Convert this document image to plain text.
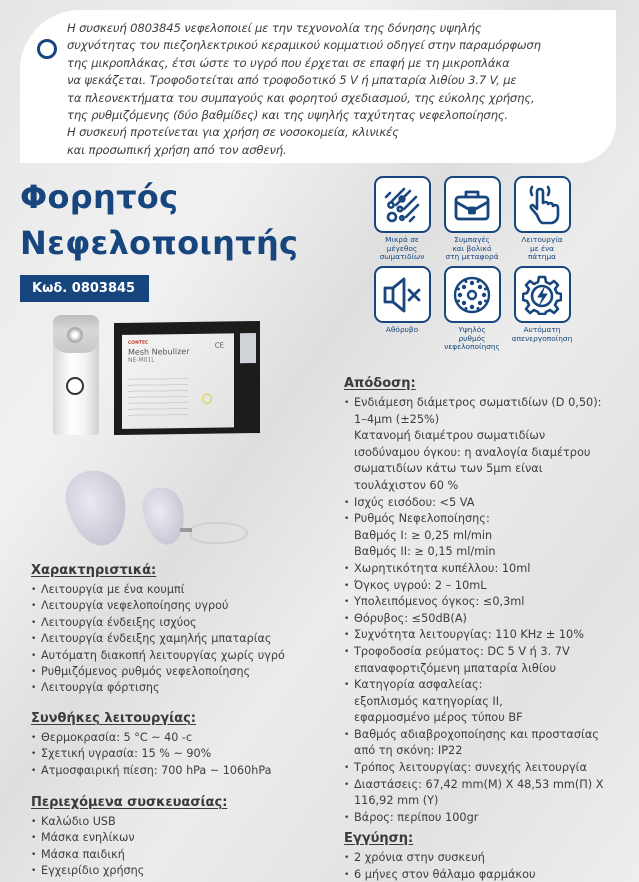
Η συσκευή 0803845 νεφελοποιεί με την τεχνονολία της δόνησης υψηλής
συχνότητας του πιεζοηλεκτρικού κεραμικού κομματιού οδηγεί στην παραμόρφωση
της μικροπλάκας, έτσι ώστε το υγρό που έρχεται σε επαφή με τη μικροπλάκα
να ψεκάζεται. Τροφοδοτείται από τροφοδοτικό 5 V ή μπαταρία λιθίου 3.7 V, με
τα πλεονεκτήματα του συμπαγούς και φορητού σχεδιασμού, της εύκολης χρήσης,
της ρυθμιζόμενης (δύο βαθμίδες) και της υψηλής ταχύτητας νεφελοποίησης.
Η συσκευή προτείνεται για χρήση σε νοσοκομεία, κλινικές
και προσωπική χρήση από τον ασθενή.
Φορητός
Νεφελοποιητής
Κωδ. 0803845
CONTEC
Mesh Nebulizer
NE-M01L
CE
Μικρά σε
μέγεθος
σωματιδίων
Συμπαγές
και βολικό
στη μεταφορά
Λειτουργία
με ένα
πάτημα
Αθόρυβο	Υψηλός
ρυθμός
νεφελοποίησης
Αυτόματη
απενεργοποίηση
Χαρακτηριστικά:
• Λειτουργία με ένα κουμπί
• Λειτουργία νεφελοποίησης υγρού
• Λειτουργία ένδειξης ισχύος
• Λειτουργία ένδειξης χαμηλής μπαταρίας
• Αυτόματη διακοπή λειτουργίας χωρίς υγρό
• Ρυθμιζόμενος ρυθμός νεφελοποίησης
• Λειτουργία φόρτισης
Συνθήκες λειτουργίας:
• Θερμοκρασία: 5 °C ~ 40 -c
• Σχετική υγρασία: 15 % ~ 90%
• Ατμοσφαιρική πίεση: 700 hPa ~ 1060hPa
Περιεχόμενα συσκευασίας:
• Καλώδιο USB
• Μάσκα ενηλίκων
• Μάσκα παιδική
• Εγχειρίδιο χρήσης
Απόδοση:
• Ενδιάμεση διάμετρος σωματιδίων (D 0,50):
1–4μm (±25%)
Κατανομή διαμέτρου σωματιδίων
ισοδύναμου όγκου: η αναλογία διαμέτρου
σωματιδίων κάτω των 5μm είναι
τουλάχιστον 60 %
• Ισχύς εισόδου: <5 VA
• Ρυθμός Νεφελοποίησης:
Βαθμός Ι: ≥ 0,25 ml/min
Βαθμός ΙΙ: ≥ 0,15 ml/min
• Χωρητικότητα κυπέλλου: 10ml
• Όγκος υγρού: 2 – 10mL
• Υπολειπόμενος όγκος: ≤0,3ml
• Θόρυβος: ≤50dB(A)
• Συχνότητα λειτουργίας: 110 KHz ± 10%
• Τροφοδοσία ρεύματος: DC 5 V ή 3. 7V
επαναφορτιζόμενη μπαταρία λιθίου
• Κατηγορία ασφαλείας:
εξοπλισμός κατηγορίας II,
εφαρμοσμένο μέρος τύπου BF
• Βαθμός αδιαβροχοποίησης και προστασίας
από τη σκόνη: IP22
• Τρόπος λειτουργίας: συνεχής λειτουργία
• Διαστάσεις: 67,42 mm(M) X 48,53 mm(Π) X
116,92 mm (Y)
• Βάρος: περίπου 100gr
Εγγύηση:
• 2 χρόνια στην συσκευή
• 6 μήνες στον θάλαμο φαρμάκου
